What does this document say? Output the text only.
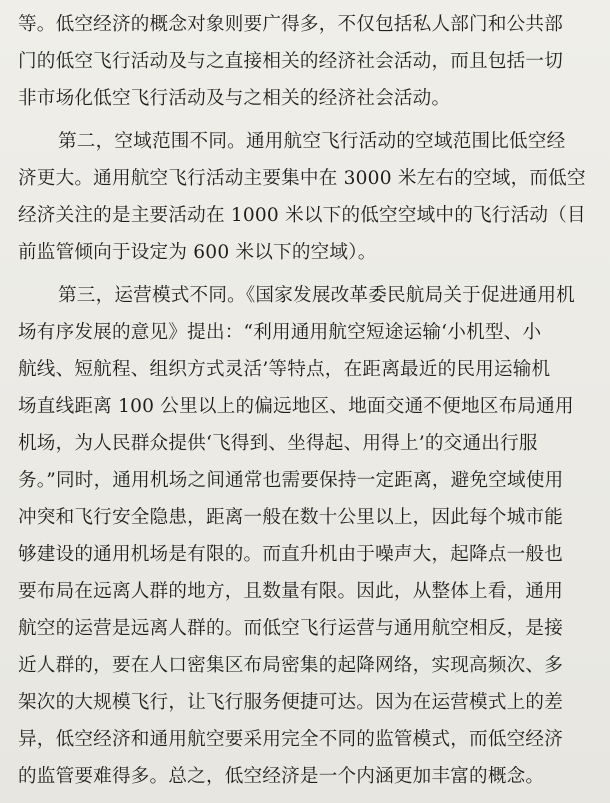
等。低空经济的概念对象则要广得多，不仅包括私人部门和公共部
门的低空飞行活动及与之直接相关的经济社会活动，而且包括一切
非市场化低空飞行活动及与之相关的经济社会活动。
第二，空域范围不同。通用航空飞行活动的空域范围比低空经
济更大。通用航空飞行活动主要集中在 3000 米左右的空域，而低空
经济关注的是主要活动在 1000 米以下的低空空域中的飞行活动（目
前监管倾向于设定为 600 米以下的空域）。
第三，运营模式不同。《国家发展改革委民航局关于促进通用机
场有序发展的意见》提出：“利用通用航空短途运输‘小机型、小
航线、短航程、组织方式灵活’等特点，在距离最近的民用运输机
场直线距离 100 公里以上的偏远地区、地面交通不便地区布局通用
机场，为人民群众提供‘飞得到、坐得起、用得上’的交通出行服
务。”同时，通用机场之间通常也需要保持一定距离，避免空域使用
冲突和飞行安全隐患，距离一般在数十公里以上，因此每个城市能
够建设的通用机场是有限的。而直升机由于噪声大，起降点一般也
要布局在远离人群的地方，且数量有限。因此，从整体上看，通用
航空的运营是远离人群的。而低空飞行运营与通用航空相反，是接
近人群的，要在人口密集区布局密集的起降网络，实现高频次、多
架次的大规模飞行，让飞行服务便捷可达。因为在运营模式上的差
异，低空经济和通用航空要采用完全不同的监管模式，而低空经济
的监管要难得多。总之，低空经济是一个内涵更加丰富的概念。
